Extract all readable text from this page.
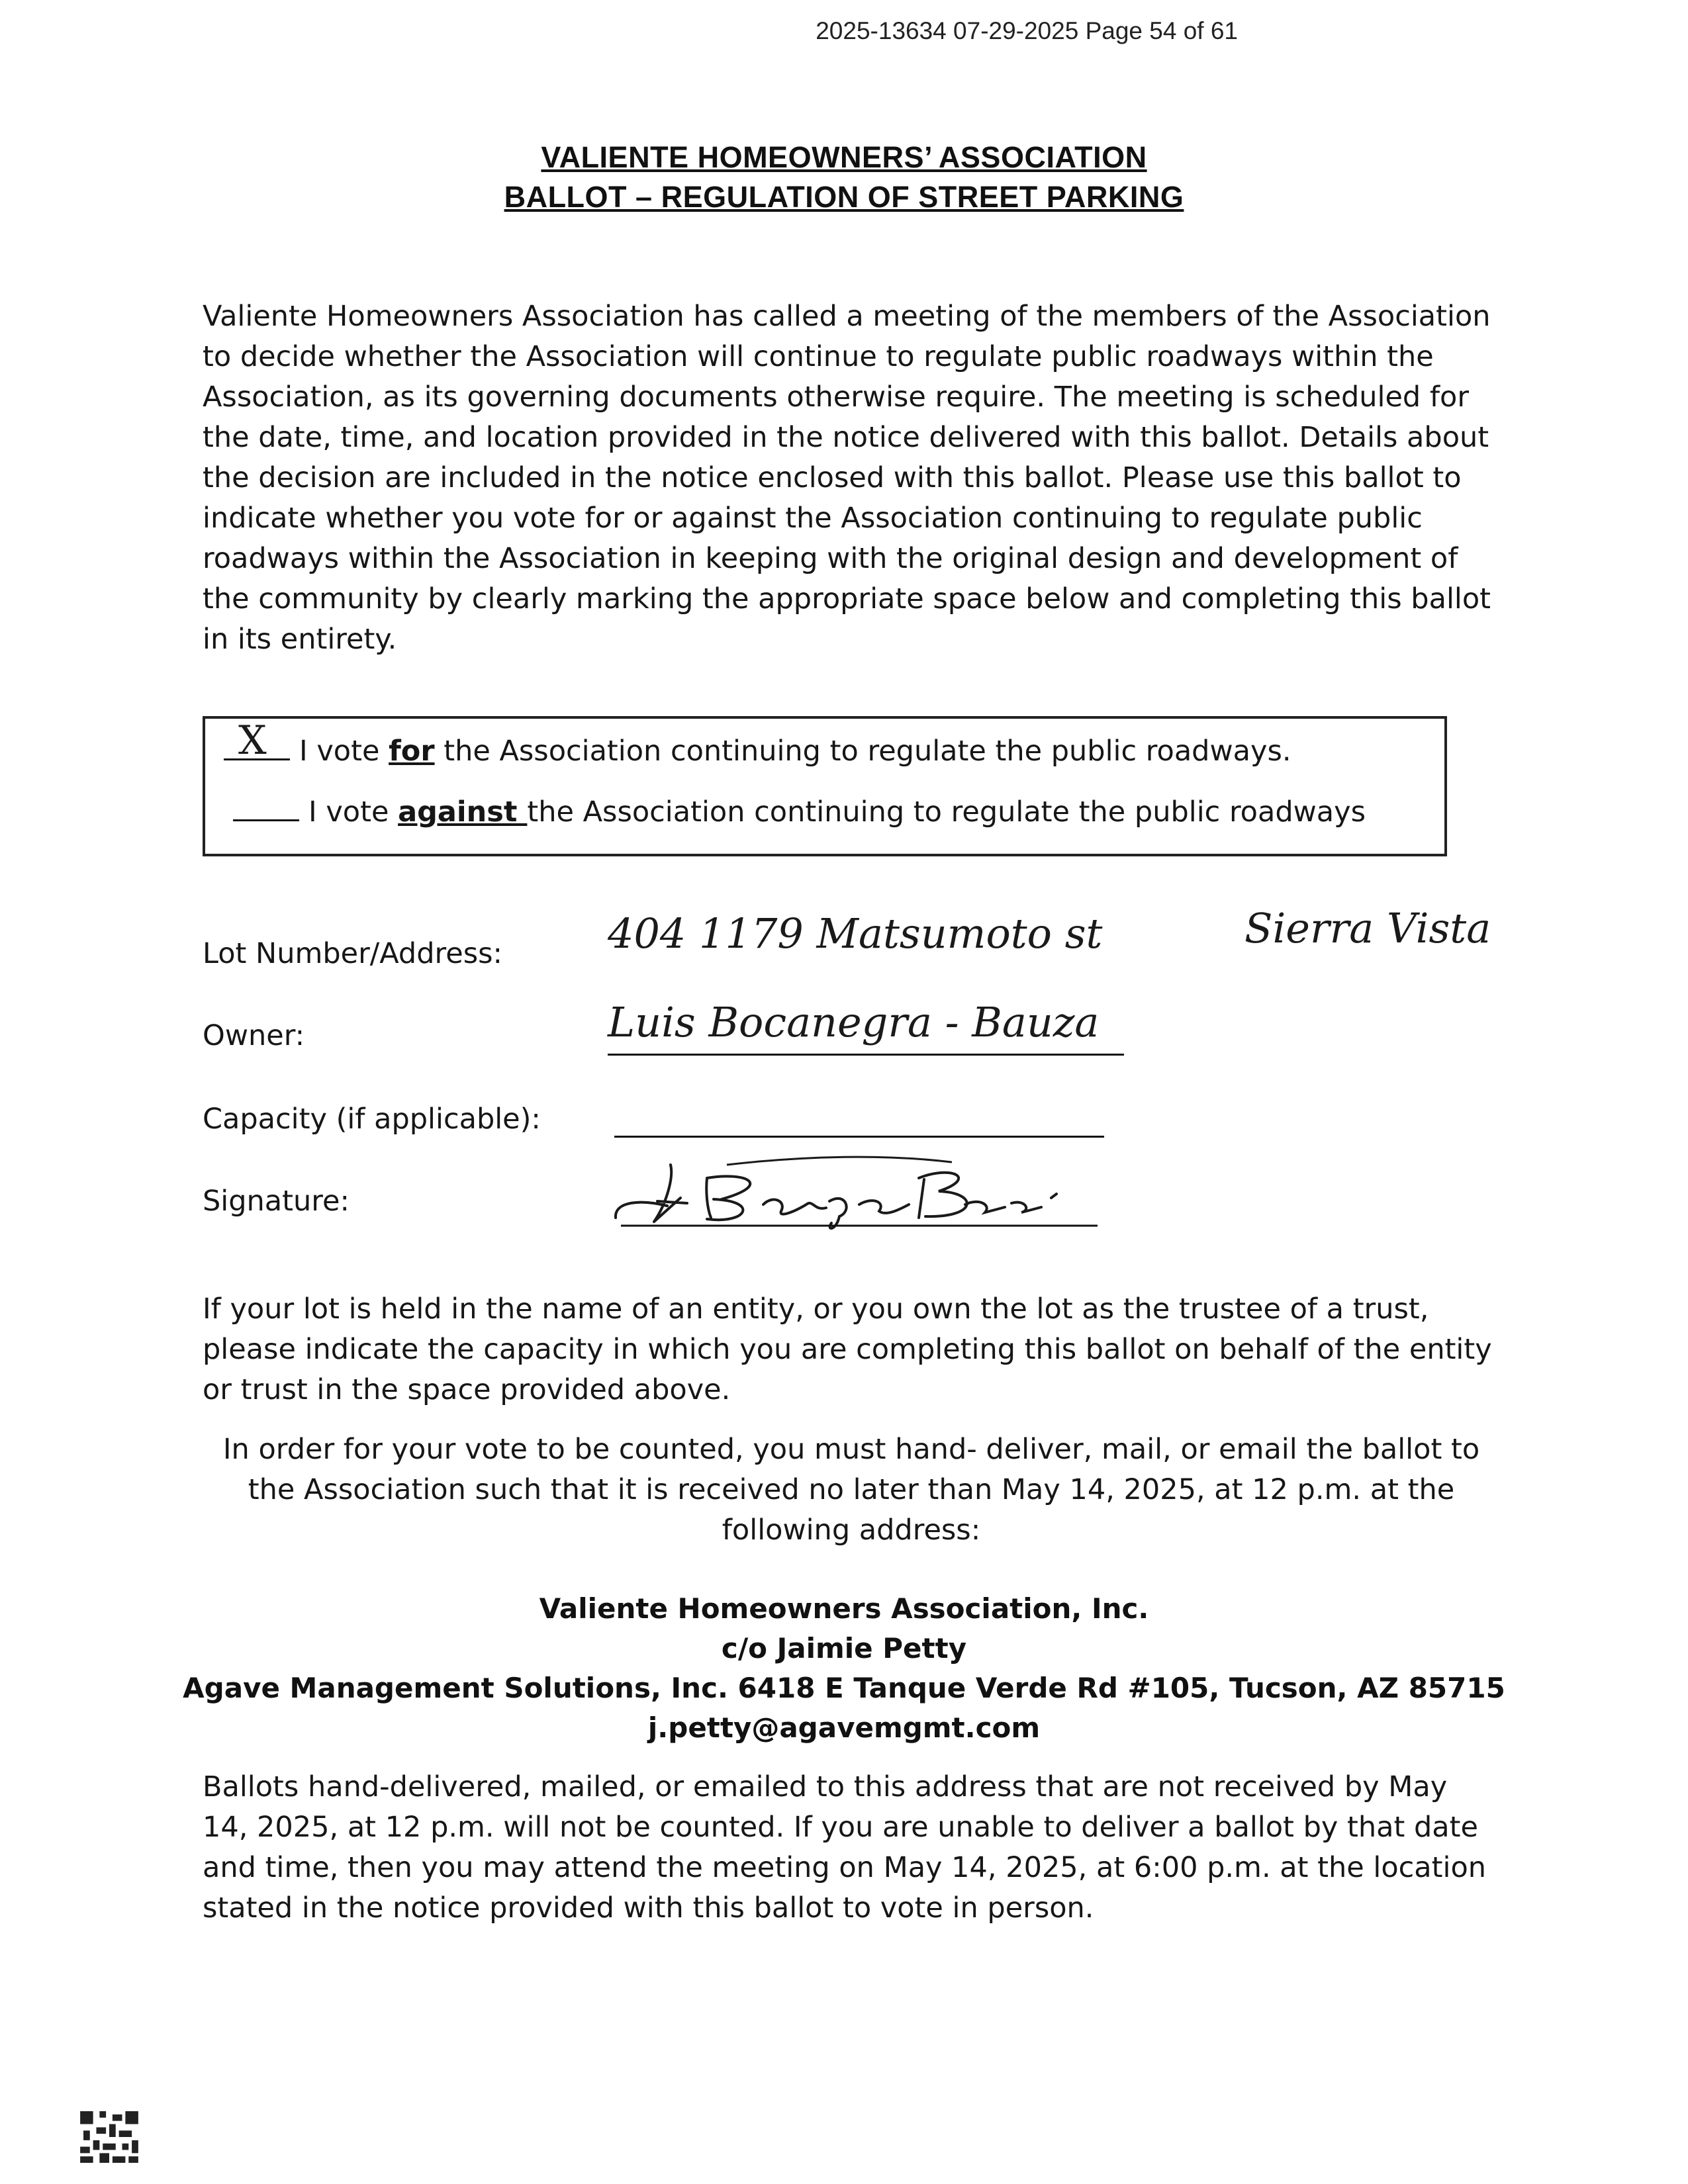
2025-13634 07-29-2025 Page 54 of 61
VALIENTE HOMEOWNERS’ ASSOCIATION
BALLOT – REGULATION OF STREET PARKING
Valiente Homeowners Association has called a meeting of the members of the Association to decide whether the Association will continue to regulate public roadways within the Association, as its governing documents otherwise require. The meeting is scheduled for the date, time, and location provided in the notice delivered with this ballot. Details about the decision are included in the notice enclosed with this ballot. Please use this ballot to indicate whether you vote for or against the Association continuing to regulate public roadways within the Association in keeping with the original design and development of the community by clearly marking the appropriate space below and completing this ballot in its entirety.
X I vote for the Association continuing to regulate the public roadways.
I vote against the Association continuing to regulate the public roadways
Lot Number/Address:	404 1179 Matsumoto st	Sierra Vista
Owner:	Luis Bocanegra - Bauza
Capacity (if applicable):
Signature:
If your lot is held in the name of an entity, or you own the lot as the trustee of a trust, please indicate the capacity in which you are completing this ballot on behalf of the entity or trust in the space provided above.
In order for your vote to be counted, you must hand- deliver, mail, or email the ballot to the Association such that it is received no later than May 14, 2025, at 12 p.m. at the following address:
Valiente Homeowners Association, Inc.
c/o Jaimie Petty
Agave Management Solutions, Inc. 6418 E Tanque Verde Rd #105, Tucson, AZ 85715
j.petty@agavemgmt.com
Ballots hand-delivered, mailed, or emailed to this address that are not received by May 14, 2025, at 12 p.m. will not be counted. If you are unable to deliver a ballot by that date and time, then you may attend the meeting on May 14, 2025, at 6:00 p.m. at the location stated in the notice provided with this ballot to vote in person.
